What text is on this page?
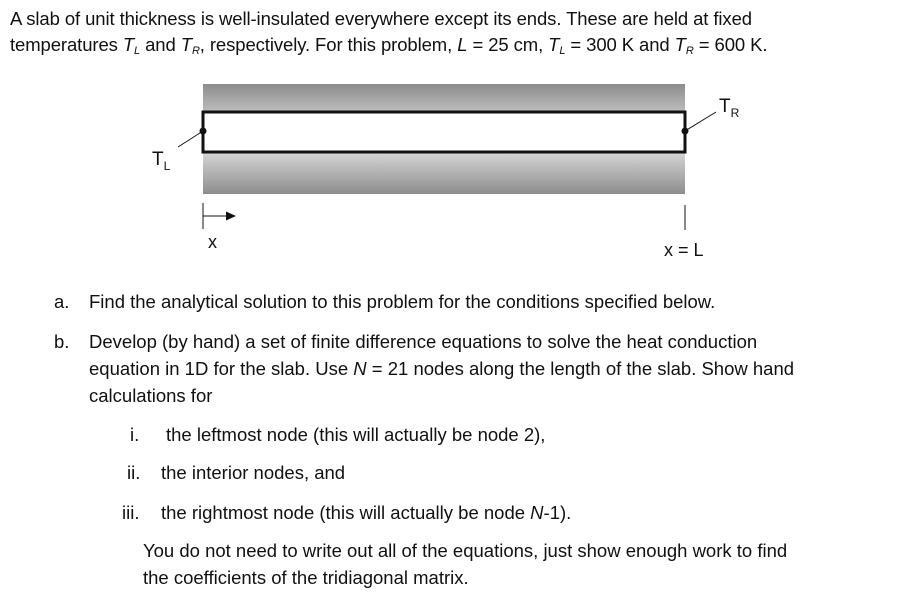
A slab of unit thickness is well-insulated everywhere except its ends. These are held at fixed
temperatures $T_L$ and $T_R$, respectively. For this problem, L = 25 cm, $T_L = 300$ K and $T_R = 600$ K.
$T_L$
$T_R$
x	x = L
a. Find the analytical solution to this problem for the conditions specified below.
b. Develop (by hand) a set of finite difference equations to solve the heat conduction
equation in 1D for the slab. Use N = 21 nodes along the length of the slab. Show hand
calculations for
i. the leftmost node (this will actually be node 2),
ii. the interior nodes, and
iii. the rightmost node (this will actually be node N-1).
You do not need to write out all of the equations, just show enough work to find
the coefficients of the tridiagonal matrix.
